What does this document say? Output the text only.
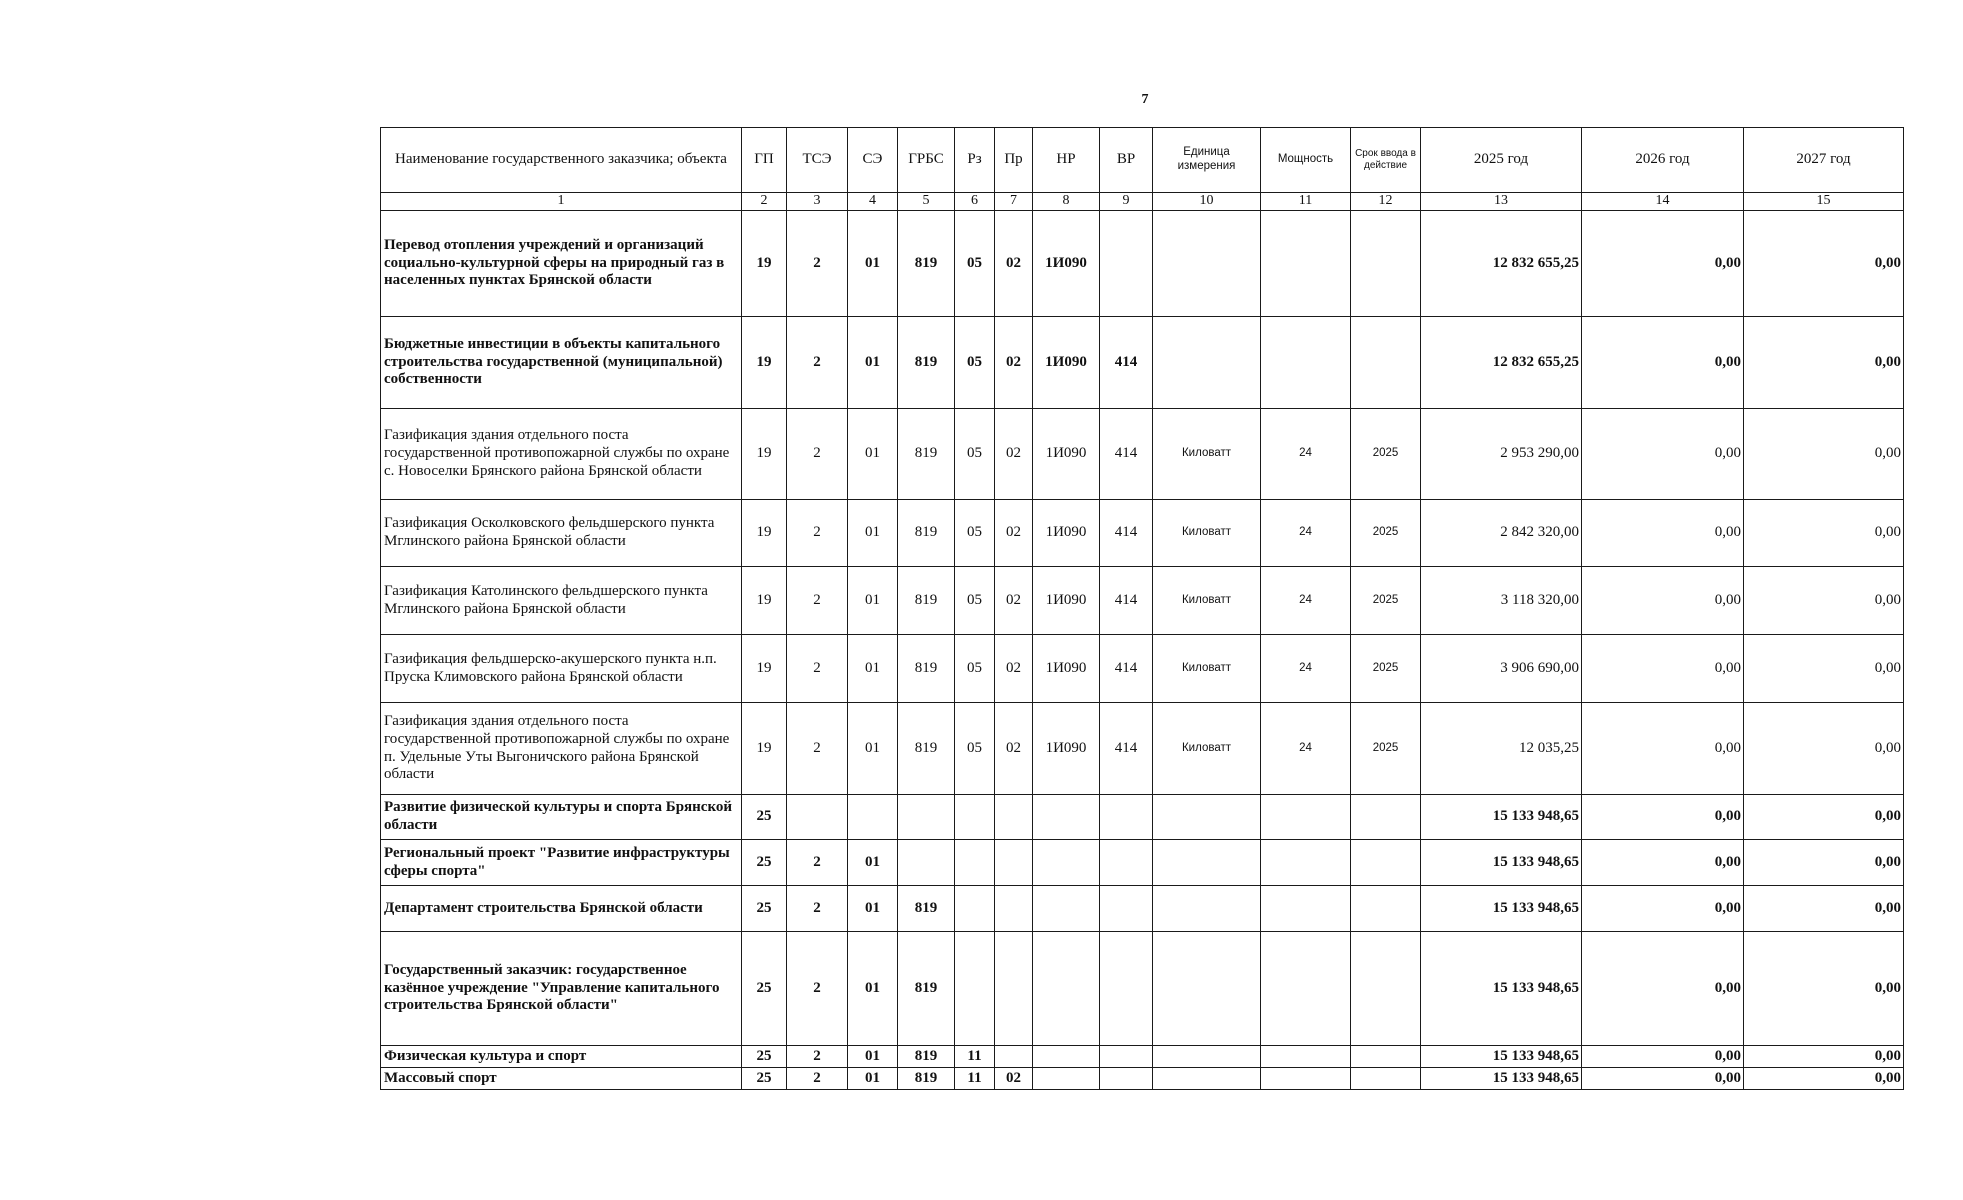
7
Наименование государственного заказчика; объекта	ГП	ТСЭ	СЭ	ГРБС	Рз	Пр	НР	ВР	Единица измерения	Мощность	Срок ввода в действие	2025 год	2026 год	2027 год
1	2	3	4	5	6	7	8	9	10	11	12	13	14	15
Перевод отопления учреждений и организаций социально-культурной сферы на природный газ в населенных пунктах Брянской области	19	2	01	819	05	02	1И090					12 832 655,25	0,00	0,00
Бюджетные инвестиции в объекты капитального строительства государственной (муниципальной) собственности	19	2	01	819	05	02	1И090	414				12 832 655,25	0,00	0,00
Газификация здания отдельного поста государственной противопожарной службы по охране с. Новоселки Брянского района Брянской области	19	2	01	819	05	02	1И090	414	Киловатт	24	2025	2 953 290,00	0,00	0,00
Газификация Осколковского фельдшерского пункта Мглинского района Брянской области	19	2	01	819	05	02	1И090	414	Киловатт	24	2025	2 842 320,00	0,00	0,00
Газификация Католинского фельдшерского пункта Мглинского района Брянской области	19	2	01	819	05	02	1И090	414	Киловатт	24	2025	3 118 320,00	0,00	0,00
Газификация фельдшерско-акушерского пункта н.п. Пруска Климовского района Брянской области	19	2	01	819	05	02	1И090	414	Киловатт	24	2025	3 906 690,00	0,00	0,00
Газификация здания отдельного поста государственной противопожарной службы по охране п. Удельные Уты Выгоничского района Брянской области	19	2	01	819	05	02	1И090	414	Киловатт	24	2025	12 035,25	0,00	0,00
Развитие физической культуры и спорта Брянской области	25											15 133 948,65	0,00	0,00
Региональный проект "Развитие инфраструктуры сферы спорта"	25	2	01									15 133 948,65	0,00	0,00
Департамент строительства Брянской области	25	2	01	819								15 133 948,65	0,00	0,00
Государственный заказчик: государственное казённое учреждение "Управление капитального строительства Брянской области"	25	2	01	819								15 133 948,65	0,00	0,00
Физическая культура и спорт	25	2	01	819	11							15 133 948,65	0,00	0,00
Массовый спорт	25	2	01	819	11	02						15 133 948,65	0,00	0,00
